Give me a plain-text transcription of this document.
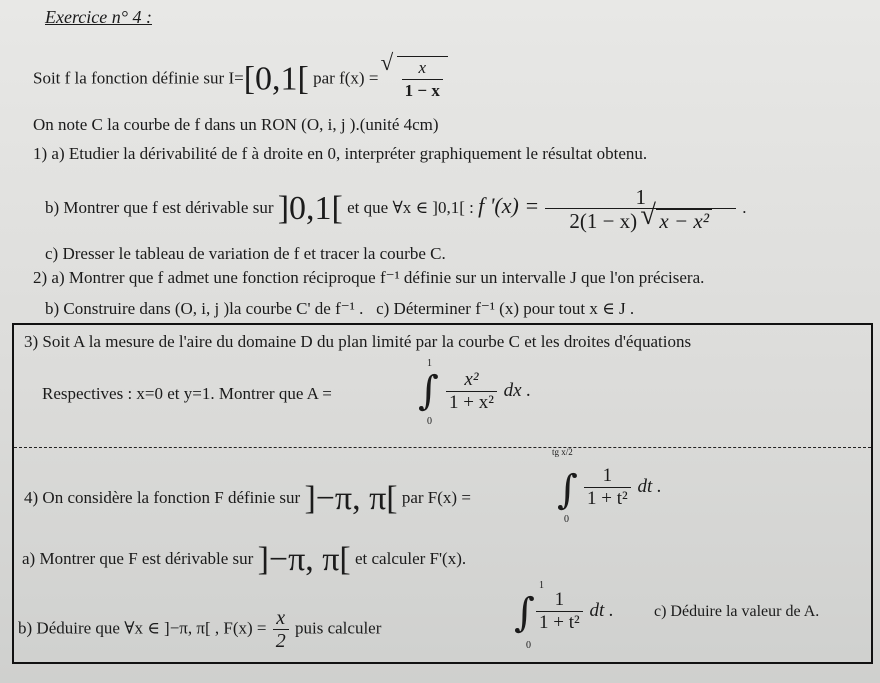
Exercice n° 4 :
Soit f la fonction définie sur I=[0,1[ par f(x) = √ $\frac{x}{1 - x}$
On note C la courbe de f dans un RON (O, i, j ).(unité 4cm)
1) a) Etudier la dérivabilité de f à droite en 0, interpréter graphiquement le résultat obtenu.
b) Montrer que f est dérivable sur ]0,1[ et que ∀x ∈ ]0,1[ : f '$(x) = \frac{1}{\text{2(1 − x) √ x − x²}}$ .
c) Dresser le tableau de variation de f et tracer la courbe C.
2) a) Montrer que f admet une fonction réciproque f⁻¹ définie sur un intervalle J que l'on précisera.
b) Construire dans (O, i, j )la courbe C' de f⁻¹ . c) Déterminer f⁻¹ (x) pour tout x ∈ J .
3) Soit A la mesure de l'aire du domaine D du plan limité par la courbe C et les droites d'équations
Respectives : x=0 et y=1. Montrer que A =
1
∫
0
$\frac{\text{x²}}{\text{1 + x²}}$ dx .
4) On considère la fonction F définie sur ]−π, π[ par F(x) =
tg x/2
∫
0
$\frac{1}{\text{1 + t²}}$ dt .
a) Montrer que F est dérivable sur ]−π, π[ et calculer F'(x).
b) Déduire que ∀x ∈ ]−π, π[ , $F(x) = \frac{x}{2}$ puis calculer
1
∫
0
$\frac{1}{\text{1 + t²}}$ dt .	c) Déduire la valeur de A.
